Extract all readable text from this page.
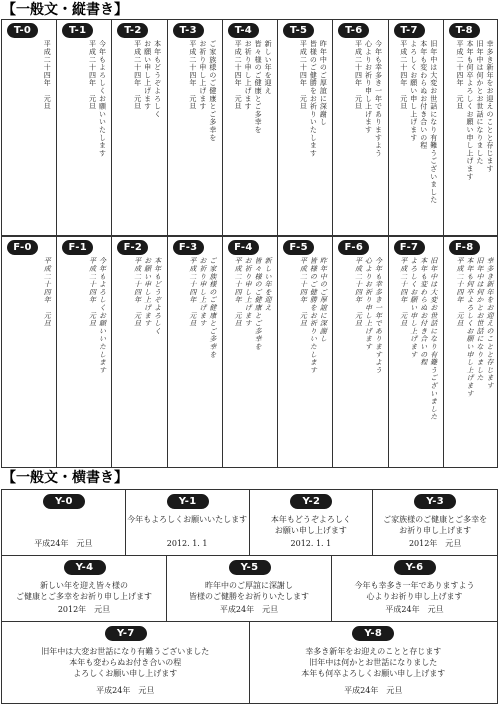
【一般文・縦書き】
T-0
平成二十四年　元旦
T-1
今年もよろしくお願いいたします
平成二十四年　元旦
T-2
本年もどうぞよろしく
お願い申し上げます
平成二十四年　元旦
T-3
ご家族様のご健康とご多幸を
お祈り申し上げます
平成二十四年　元旦
T-4
新しい年を迎え
皆々様のご健康とご多幸を
お祈り申し上げます
平成二十四年　元旦
T-5
昨年中のご厚誼に深謝し
皆様のご健勝をお祈りいたします
平成二十四年　元旦
T-6
今年も幸多き一年でありますよう
心よりお祈り申し上げます
平成二十四年　元旦
T-7
旧年中は大変お世話になり有難うございました
本年も変わらぬお付き合いの程
よろしくお願い申し上げます
平成二十四年　元旦
T-8
幸多き新年をお迎えのことと存じます
旧年中は何かとお世話になりました
本年も何卒よろしくお願い申し上げます
平成二十四年　元旦
F-0
平成二十四年　元旦
F-1
今年もよろしくお願いいたします
平成二十四年　元旦
F-2
本年もどうぞよろしく
お願い申し上げます
平成二十四年　元旦
F-3
ご家族様のご健康とご多幸を
お祈り申し上げます
平成二十四年　元旦
F-4
新しい年を迎え
皆々様のご健康とご多幸を
お祈り申し上げます
平成二十四年　元旦
F-5
昨年中のご厚誼に深謝し
皆様のご健勝をお祈りいたします
平成二十四年　元旦
F-6
今年も幸多き一年でありますよう
心よりお祈り申し上げます
平成二十四年　元旦
F-7
旧年中は大変お世話になり有難うございました
本年も変わらぬお付き合いの程
よろしくお願い申し上げます
平成二十四年　元旦
F-8
幸多き新年をお迎えのことと存じます
旧年中は何かとお世話になりました
本年も何卒よろしくお願い申し上げます
平成二十四年　元旦
【一般文・横書き】
Y-0
平成24年　元旦
Y-1
今年もよろしくお願いいたします
2012. 1. 1
Y-2
本年もどうぞよろしく
お願い申し上げます
2012. 1. 1
Y-3
ご家族様のご健康とご多幸を
お祈り申し上げます
2012年　元旦
Y-4
新しい年を迎え皆々様の
ご健康とご多幸をお祈り申し上げます
2012年　元旦
Y-5
昨年中のご厚誼に深謝し
皆様のご健勝をお祈りいたします
平成24年　元旦
Y-6
今年も幸多き一年でありますよう
心よりお祈り申し上げます
平成24年　元旦
Y-7
旧年中は大変お世話になり有難うございました
本年も変わらぬお付き合いの程
よろしくお願い申し上げます
平成24年　元旦
Y-8
幸多き新年をお迎えのことと存じます
旧年中は何かとお世話になりました
本年も何卒よろしくお願い申し上げます
平成24年　元旦
